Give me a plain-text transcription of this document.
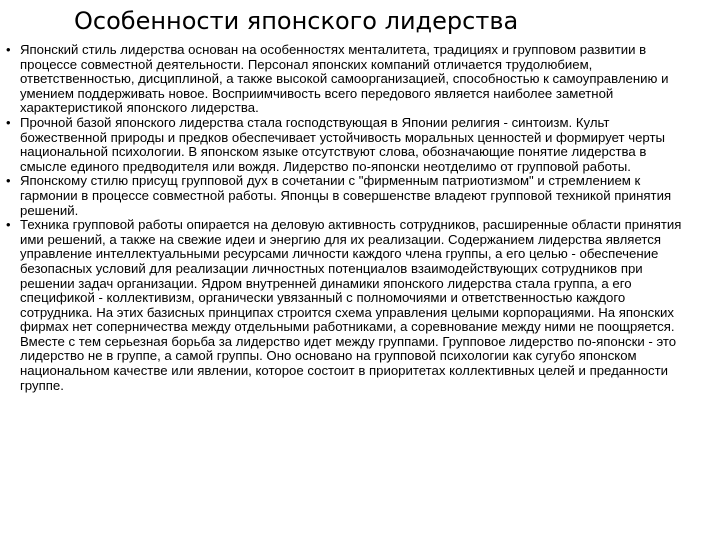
Особенности японского лидерства
• Японский стиль лидерства основан на особенностях менталитета, традициях и групповом развитии в процессе совместной деятельности. Персонал японских компаний отличается трудолюбием, ответственностью, дисциплиной, а также высокой самоорганизацией, способностью к самоуправлению и умением поддерживать новое. Восприимчивость всего передового является наиболее заметной характеристикой японского лидерства.
• Прочной базой японского лидерства стала господствующая в Японии религия - синтоизм. Культ божественной природы и предков обеспечивает устойчивость моральных ценностей и формирует черты национальной психологии. В японском языке отсутствуют слова, обозначающие понятие лидерства в смысле единого предводителя или вождя. Лидерство по-японски неотделимо от групповой работы.
• Японскому стилю присущ групповой дух в сочетании с "фирменным патриотизмом" и стремлением к гармонии в процессе совместной работы. Японцы в совершенстве владеют групповой техникой принятия решений.
• Техника групповой работы опирается на деловую активность сотрудников, расширенные области принятия ими решений, а также на свежие идеи и энергию для их реализации. Содержанием лидерства является управление интеллектуальными ресурсами личности каждого члена группы, а его целью - обеспечение безопасных условий для реализации личностных потенциалов взаимодействующих сотрудников при решении задач организации. Ядром внутренней динамики японского лидерства стала группа, а его спецификой - коллективизм, органически увязанный с полномочиями и ответственностью каждого сотрудника. На этих базисных принципах строится схема управления целыми корпорациями. На японских фирмах нет соперничества между отдельными работниками, а соревнование между ними не поощряется. Вместе с тем серьезная борьба за лидерство идет между группами. Групповое лидерство по-японски - это лидерство не в группе, а самой группы. Оно основано на групповой психологии как сугубо японском национальном качестве или явлении, которое состоит в приоритетах коллективных целей и преданности группе.
